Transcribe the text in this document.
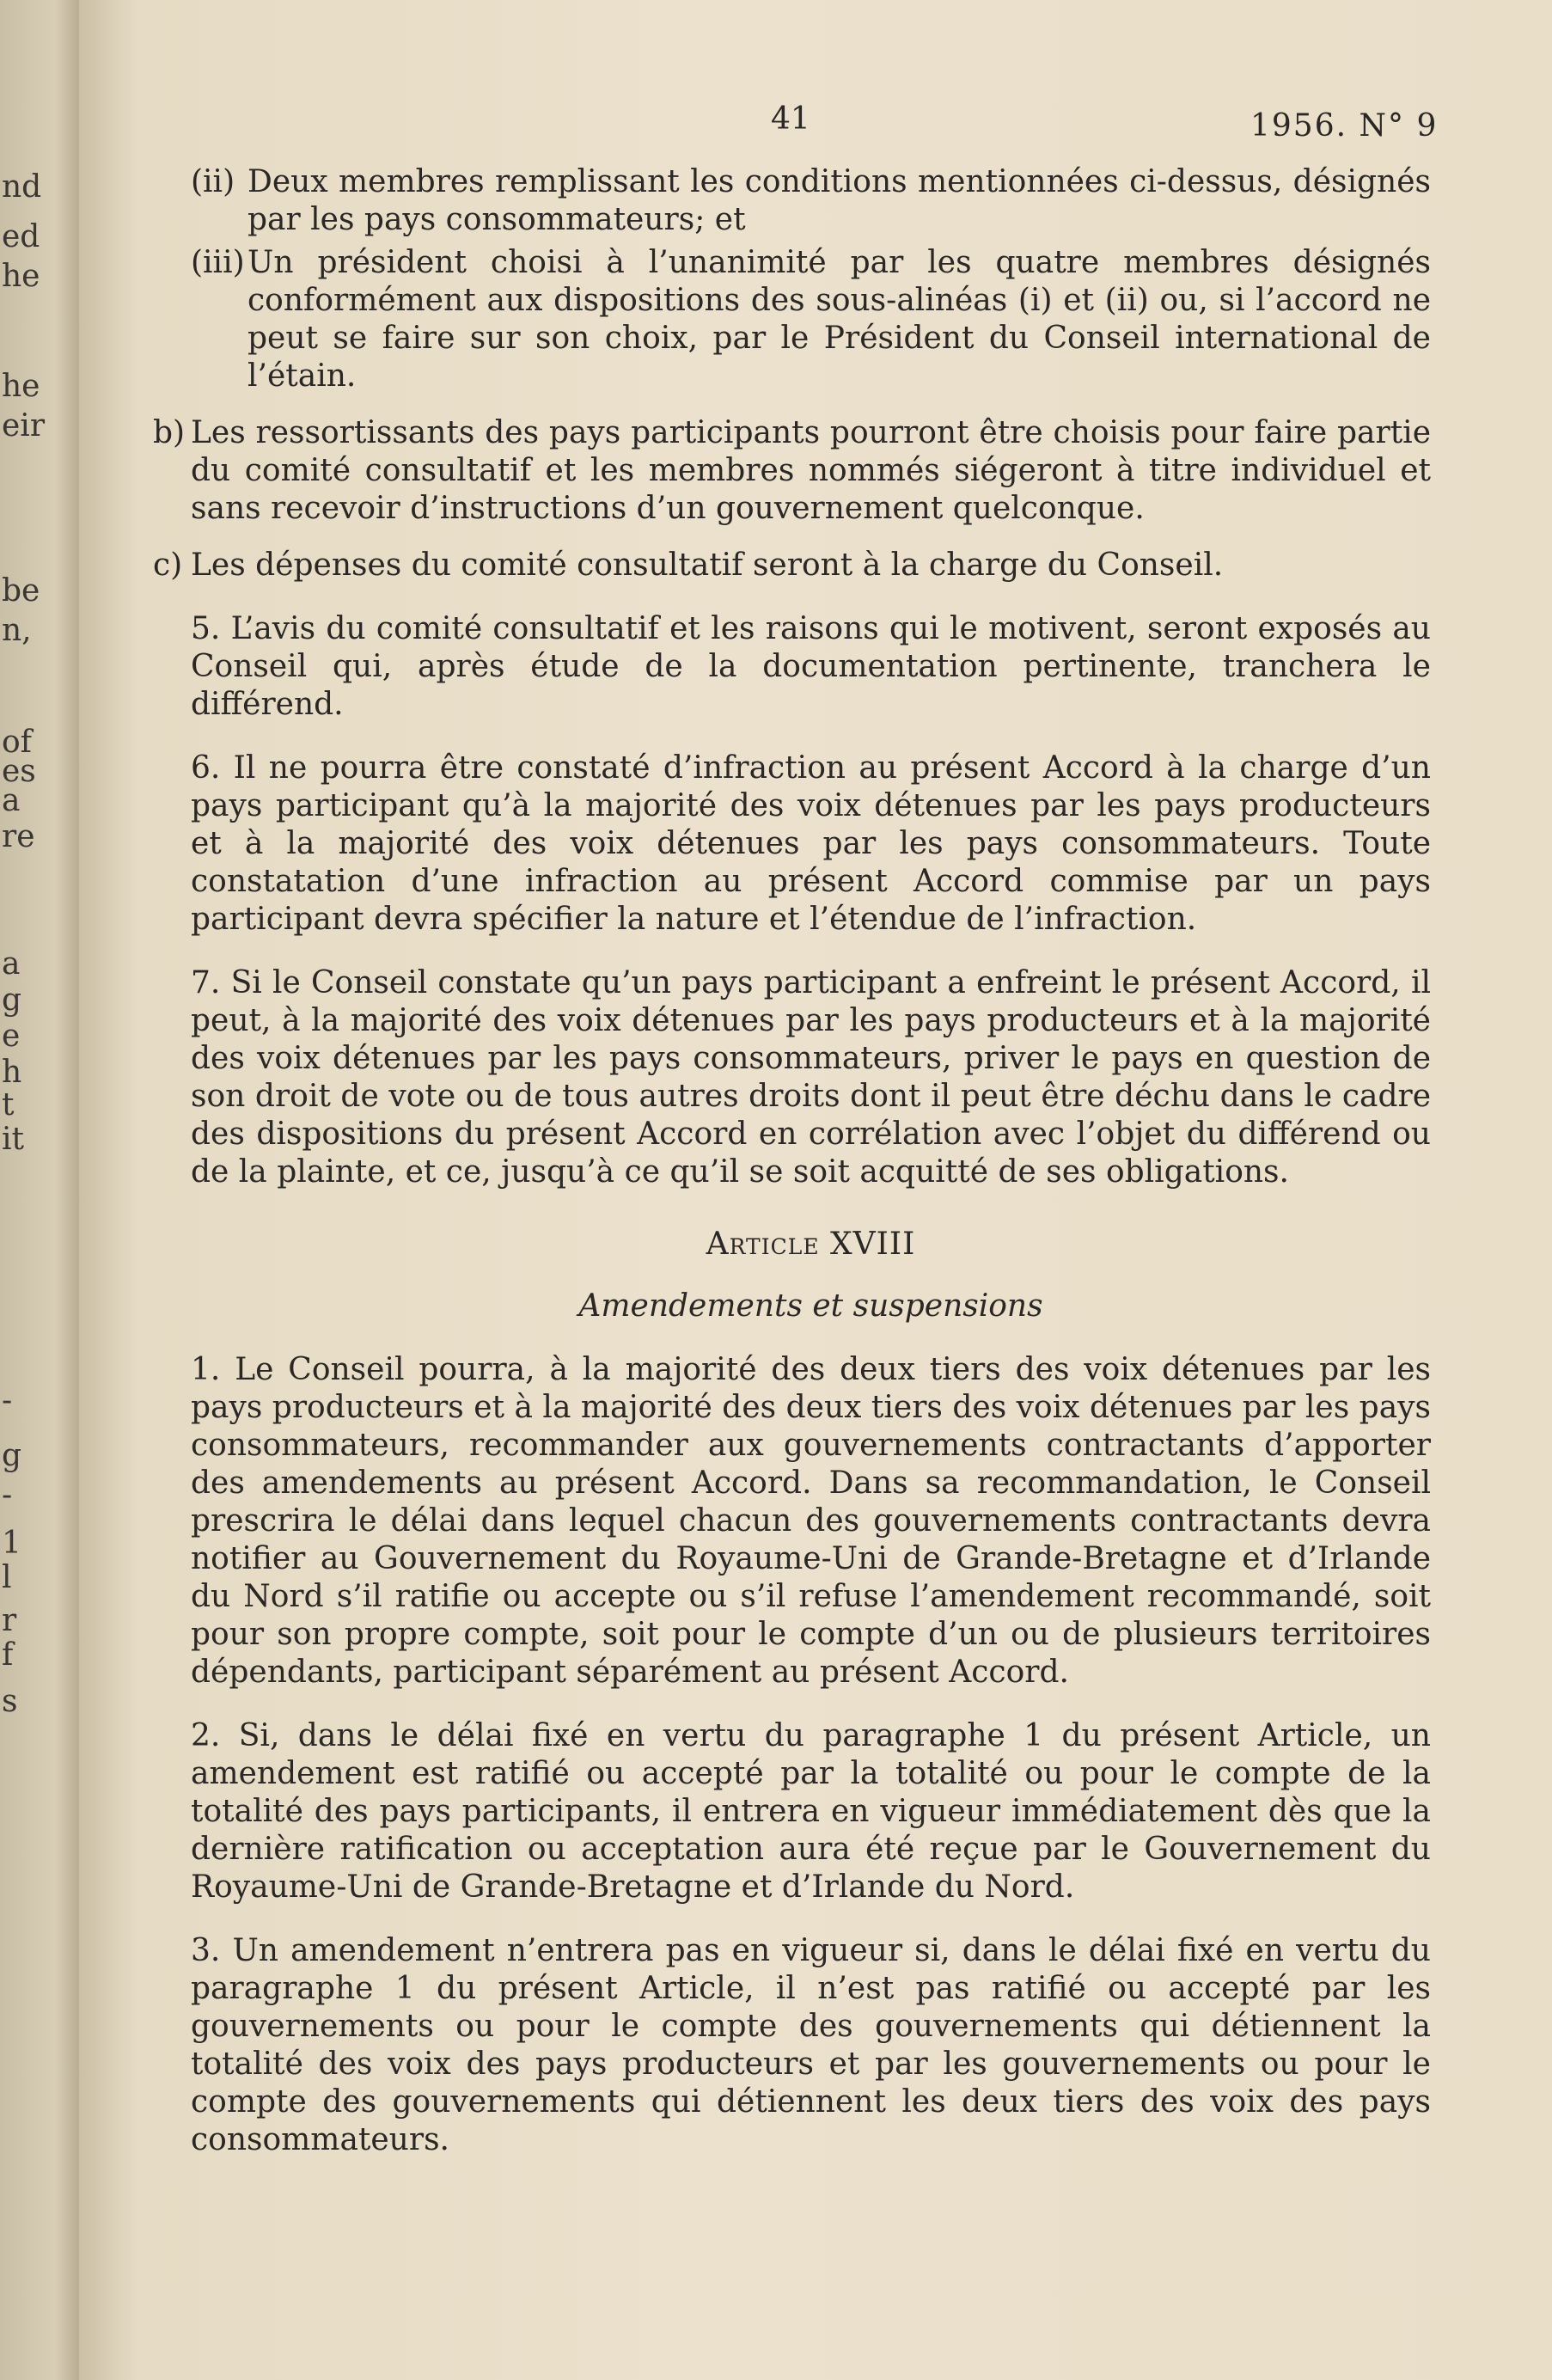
nd
ed
he
he
eir
be
n,
of
es
a
re
a
g
e
h
t
it
-
g
-
1
l
r
f
s
41	1956. N° 9
(ii) Deux membres remplissant les conditions mentionnées ci-dessus, désignés par les pays consommateurs; et
(iii) Un président choisi à l’unanimité par les quatre membres désignés conformément aux dispositions des sous-alinéas (i) et (ii) ou, si l’accord ne peut se faire sur son choix, par le Président du Conseil international de l’étain.
b) Les ressortissants des pays participants pourront être choisis pour faire partie du comité consultatif et les membres nommés siégeront à titre individuel et sans recevoir d’instructions d’un gouvernement quelconque.
c) Les dépenses du comité consultatif seront à la charge du Conseil.

5. L’avis du comité consultatif et les raisons qui le motivent, seront exposés au Conseil qui, après étude de la documentation pertinente, tranchera le différend.

6. Il ne pourra être constaté d’infraction au présent Accord à la charge d’un pays participant qu’à la majorité des voix détenues par les pays producteurs et à la majorité des voix détenues par les pays consommateurs. Toute constatation d’une infraction au présent Accord commise par un pays participant devra spécifier la nature et l’étendue de l’infraction.

7. Si le Conseil constate qu’un pays participant a enfreint le présent Accord, il peut, à la majorité des voix détenues par les pays producteurs et à la majorité des voix détenues par les pays consommateurs, priver le pays en question de son droit de vote ou de tous autres droits dont il peut être déchu dans le cadre des dispositions du présent Accord en corrélation avec l’objet du différend ou de la plainte, et ce, jusqu’à ce qu’il se soit acquitté de ses obligations.

Article XVIII
Amendements et suspensions

1. Le Conseil pourra, à la majorité des deux tiers des voix détenues par les pays producteurs et à la majorité des deux tiers des voix détenues par les pays consommateurs, recommander aux gouvernements contractants d’apporter des amendements au présent Accord. Dans sa recommandation, le Conseil prescrira le délai dans lequel chacun des gouvernements contractants devra notifier au Gouvernement du Royaume-Uni de Grande-Bretagne et d’Irlande du Nord s’il ratifie ou accepte ou s’il refuse l’amendement recommandé, soit pour son propre compte, soit pour le compte d’un ou de plusieurs territoires dépendants, participant séparément au présent Accord.

2. Si, dans le délai fixé en vertu du paragraphe 1 du présent Article, un amendement est ratifié ou accepté par la totalité ou pour le compte de la totalité des pays participants, il entrera en vigueur immédiatement dès que la dernière ratification ou acceptation aura été reçue par le Gouvernement du Royaume-Uni de Grande-Bretagne et d’Irlande du Nord.

3. Un amendement n’entrera pas en vigueur si, dans le délai fixé en vertu du paragraphe 1 du présent Article, il n’est pas ratifié ou accepté par les gouvernements ou pour le compte des gouvernements qui détiennent la totalité des voix des pays producteurs et par les gouvernements ou pour le compte des gouvernements qui détiennent les deux tiers des voix des pays consommateurs.
